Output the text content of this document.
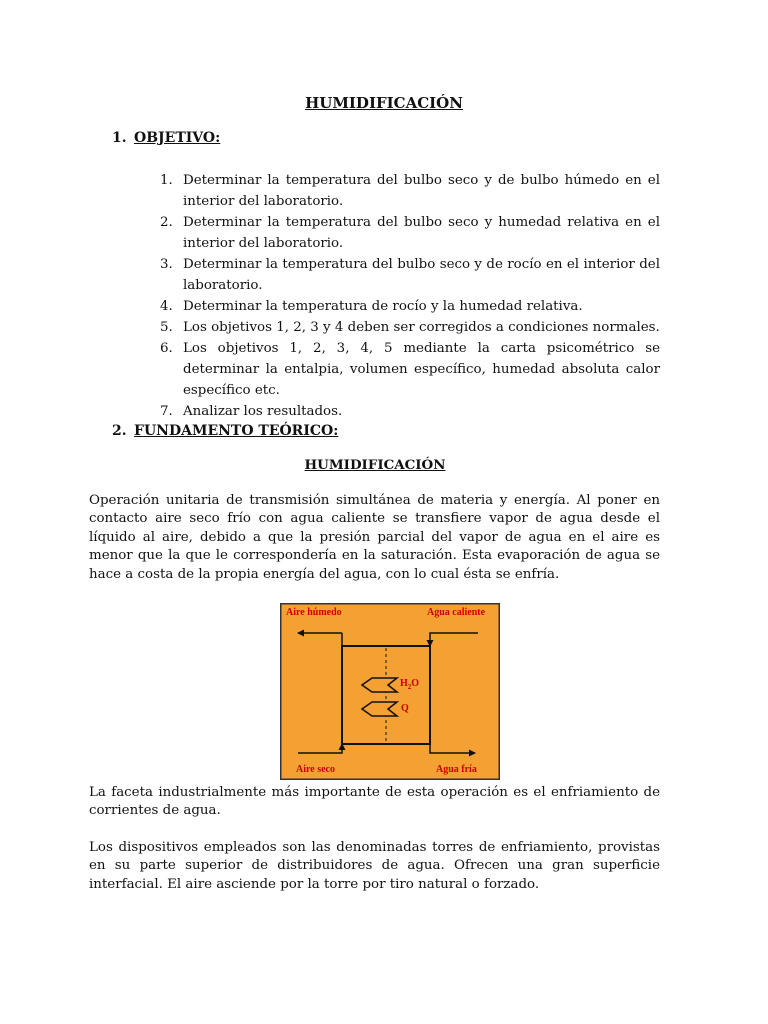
HUMIDIFICACIÓN
1. OBJETIVO:
1. Determinar la temperatura del bulbo seco y de bulbo húmedo en el interior del laboratorio.
2. Determinar la temperatura del bulbo seco y humedad relativa en el interior del laboratorio.
3. Determinar la temperatura del bulbo seco y de rocío en el interior del laboratorio.
4. Determinar la temperatura de rocío y la humedad relativa.
5. Los objetivos 1, 2, 3 y 4 deben ser corregidos a condiciones normales.
6. Los objetivos 1, 2, 3, 4, 5 mediante la carta psicométrico se determinar la entalpia, volumen específico, humedad absoluta calor específico etc.
7. Analizar los resultados.
2. FUNDAMENTO TEÓRICO:
HUMIDIFICACIÓN

Operación unitaria de transmisión simultánea de materia y energía. Al poner en contacto aire seco frío con agua caliente se transfiere vapor de agua desde el líquido al aire, debido a que la presión parcial del vapor de agua en el aire es menor que la que le correspondería en la saturación. Esta evaporación de agua se hace a costa de la propia energía del agua, con lo cual ésta se enfría.

Aire húmedo	Agua caliente
Aire seco	Agua fría
$H_2O$
Q

La faceta industrialmente más importante de esta operación es el enfriamiento de corrientes de agua.

Los dispositivos empleados son las denominadas torres de enfriamiento, provistas en su parte superior de distribuidores de agua. Ofrecen una gran superficie interfacial. El aire asciende por la torre por tiro natural o forzado.
